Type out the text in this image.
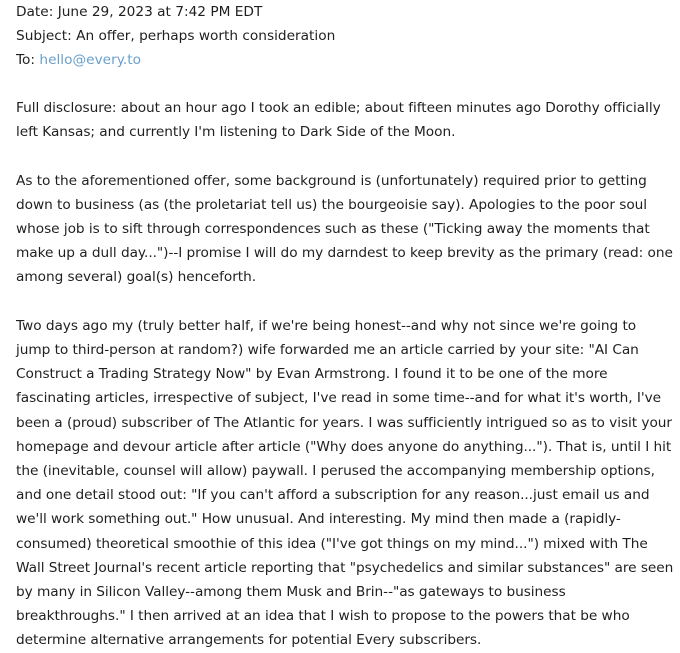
Date: June 29, 2023 at 7:42 PM EDT

Subject: An offer, perhaps worth consideration

To: hello@every.to

Full disclosure: about an hour ago I took an edible; about fifteen minutes ago Dorothy officially left Kansas; and currently I'm listening to Dark Side of the Moon.

As to the aforementioned offer, some background is (unfortunately) required prior to getting down to business (as (the proletariat tell us) the bourgeoisie say). Apologies to the poor soul whose job is to sift through correspondences such as these ("Ticking away the moments that make up a dull day...")--I promise I will do my darndest to keep brevity as the primary (read: one among several) goal(s) henceforth.

Two days ago my (truly better half, if we're being honest--and why not since we're going to jump to third-person at random?) wife forwarded me an article carried by your site: "AI Can Construct a Trading Strategy Now" by Evan Armstrong. I found it to be one of the more fascinating articles, irrespective of subject, I've read in some time--and for what it's worth, I've been a (proud) subscriber of The Atlantic for years. I was sufficiently intrigued so as to visit your homepage and devour article after article ("Why does anyone do anything..."). That is, until I hit the (inevitable, counsel will allow) paywall. I perused the accompanying membership options, and one detail stood out: "If you can't afford a subscription for any reason...just email us and we'll work something out." How unusual. And interesting. My mind then made a (rapidly-consumed) theoretical smoothie of this idea ("I've got things on my mind...") mixed with The Wall Street Journal's recent article reporting that "psychedelics and similar substances" are seen by many in Silicon Valley--among them Musk and Brin--"as gateways to business breakthroughs." I then arrived at an idea that I wish to propose to the powers that be who determine alternative arrangements for potential Every subscribers.
